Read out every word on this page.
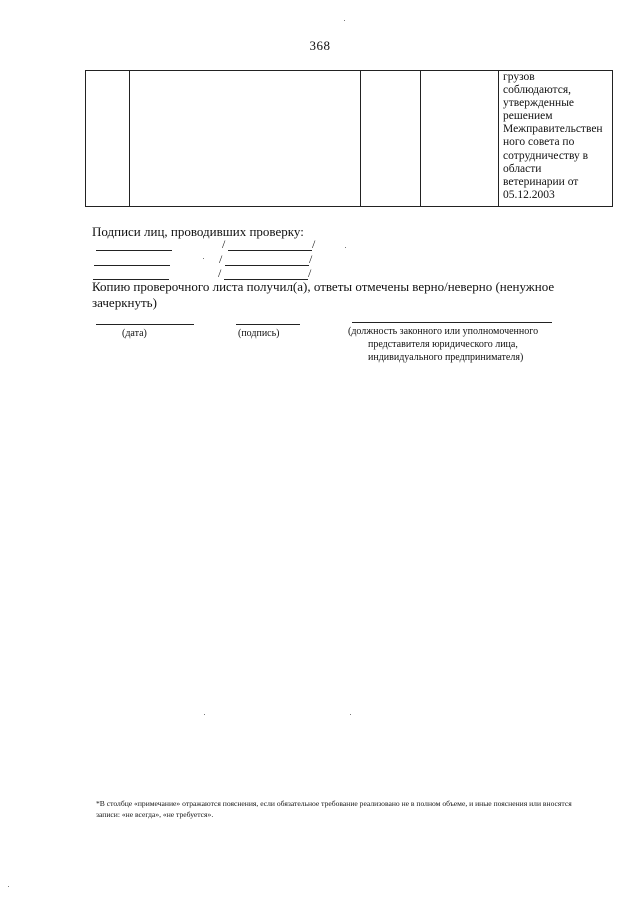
368

грузов
соблюдаются,
утвержденные
решением
Межправительствен
ного совета по
сотрудничеству в
области
ветеринарии от
05.12.2003
Подписи лиц, проводивших проверку:
/	/
/	/
/	/
Копию проверочного листа получил(а), ответы отмечены верно/неверно (ненужное зачеркнуть)
(дата)	(подпись)	(должность законного или уполномоченного
представителя юридического лица,
индивидуального предпринимателя)
*В столбце «примечание» отражаются пояснения, если обязательное требование реализовано не в полном объеме, и иные пояснения или вносятся записи: «не всегда», «не требуется».
